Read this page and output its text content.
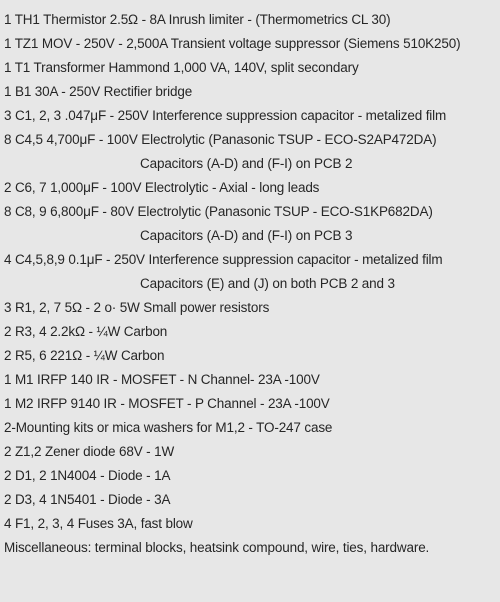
1 TH1 Thermistor 2.5Ω - 8A Inrush limiter - (Thermometrics CL 30)
1 TZ1 MOV - 250V - 2,500A Transient voltage suppressor (Siemens 510K250)
1 T1 Transformer Hammond 1,000 VA, 140V, split secondary
1 B1 30A - 250V Rectifier bridge
3 C1, 2, 3 .047μF - 250V Interference suppression capacitor - metalized film
8 C4,5 4,700μF - 100V Electrolytic (Panasonic TSUP - ECO-S2AP472DA)
Capacitors (A-D) and (F-I) on PCB 2
2 C6, 7 1,000μF - 100V Electrolytic - Axial - long leads
8 C8, 9 6,800μF - 80V Electrolytic (Panasonic TSUP - ECO-S1KP682DA)
Capacitors (A-D) and (F-I) on PCB 3
4 C4,5,8,9 0.1μF - 250V Interference suppression capacitor - metalized film
Capacitors (E) and (J) on both PCB 2 and 3
3 R1, 2, 7 5Ω - 2 o· 5W Small power resistors
2 R3, 4 2.2kΩ - ¼W Carbon
2 R5, 6 221Ω - ¼W Carbon
1 M1 IRFP 140 IR - MOSFET - N Channel- 23A -100V
1 M2 IRFP 9140 IR - MOSFET - P Channel - 23A -100V
2-Mounting kits or mica washers for M1,2 - TO-247 case
2 Z1,2 Zener diode 68V - 1W
2 D1, 2 1N4004 - Diode - 1A
2 D3, 4 1N5401 - Diode - 3A
4 F1, 2, 3, 4 Fuses 3A, fast blow
Miscellaneous: terminal blocks, heatsink compound, wire, ties, hardware.
